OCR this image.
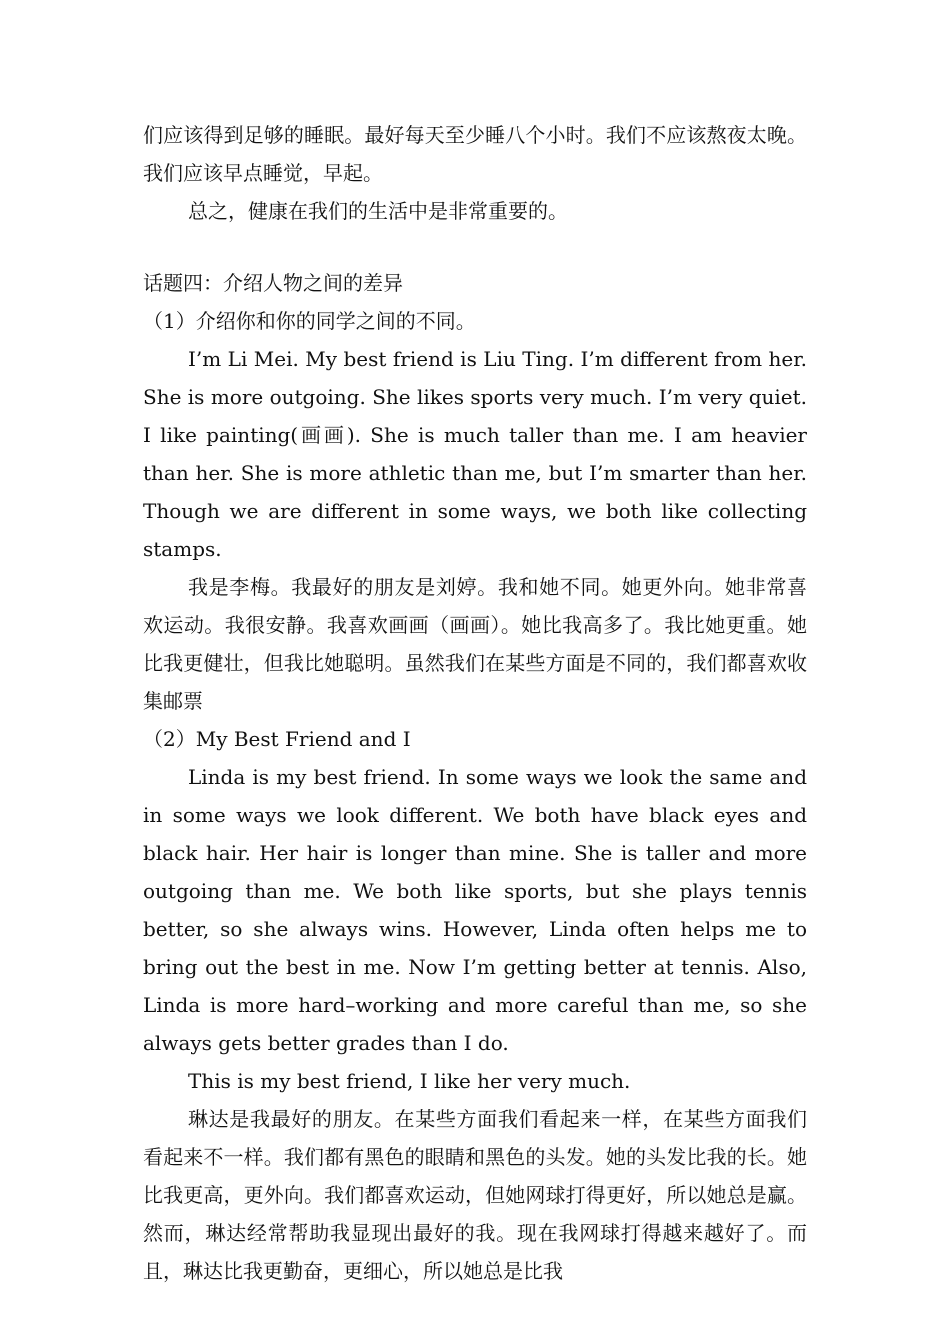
们应该得到足够的睡眠。最好每天至少睡八个小时。我们不应该熬夜太晚。我们应该早点睡觉，早起。

总之，健康在我们的生活中是非常重要的。

话题四：介绍人物之间的差异

（1）介绍你和你的同学之间的不同。

I’m Li Mei. My best friend is Liu Ting. I’m different from her. She is more outgoing. She likes sports very much. I’m very quiet. I like painting(画画). She is much taller than me. I am heavier than her. She is more athletic than me, but I’m smarter than her. Though we are different in some ways, we both like collecting stamps.

我是李梅。我最好的朋友是刘婷。我和她不同。她更外向。她非常喜欢运动。我很安静。我喜欢画画（画画）。她比我高多了。我比她更重。她比我更健壮，但我比她聪明。虽然我们在某些方面是不同的，我们都喜欢收集邮票

（2）My Best Friend and I

Linda is my best friend. In some ways we look the same and in some ways we look different. We both have black eyes and black hair. Her hair is longer than mine. She is taller and more outgoing than me. We both like sports, but she plays tennis better, so she always wins. However, Linda often helps me to bring out the best in me. Now I’m getting better at tennis. Also, Linda is more hard–working and more careful than me, so she always gets better grades than I do.

This is my best friend, I like her very much.

琳达是我最好的朋友。在某些方面我们看起来一样，在某些方面我们看起来不一样。我们都有黑色的眼睛和黑色的头发。她的头发比我的长。她比我更高，更外向。我们都喜欢运动，但她网球打得更好，所以她总是赢。然而，琳达经常帮助我显现出最好的我。现在我网球打得越来越好了。而且，琳达比我更勤奋，更细心，所以她总是比我
